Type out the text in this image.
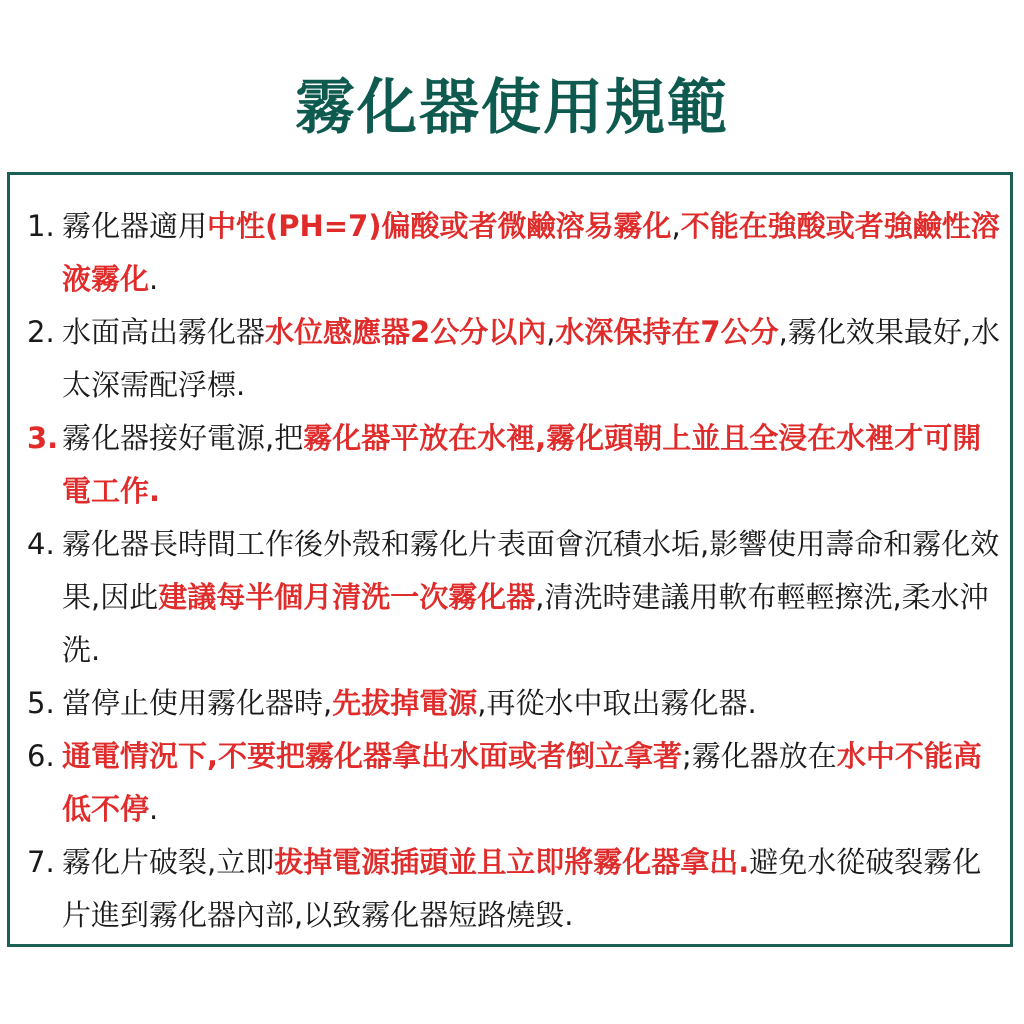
霧化器使用規範
1. 霧化器適用中性(PH=7)偏酸或者微鹼溶易霧化,不能在強酸或者強鹼性溶液霧化.
2. 水面高出霧化器水位感應器2公分以內,水深保持在7公分,霧化效果最好,水太深需配浮標.
3. 霧化器接好電源,把霧化器平放在水裡,霧化頭朝上並且全浸在水裡才可開電工作.
4. 霧化器長時間工作後外殼和霧化片表面會沉積水垢,影響使用壽命和霧化效果,因此建議每半個月清洗一次霧化器,清洗時建議用軟布輕輕擦洗,柔水沖洗.
5. 當停止使用霧化器時,先拔掉電源,再從水中取出霧化器.
6. 通電情況下,不要把霧化器拿出水面或者倒立拿著;霧化器放在水中不能高低不停.
7. 霧化片破裂,立即拔掉電源插頭並且立即將霧化器拿出.避免水從破裂霧化片進到霧化器內部,以致霧化器短路燒毀.
